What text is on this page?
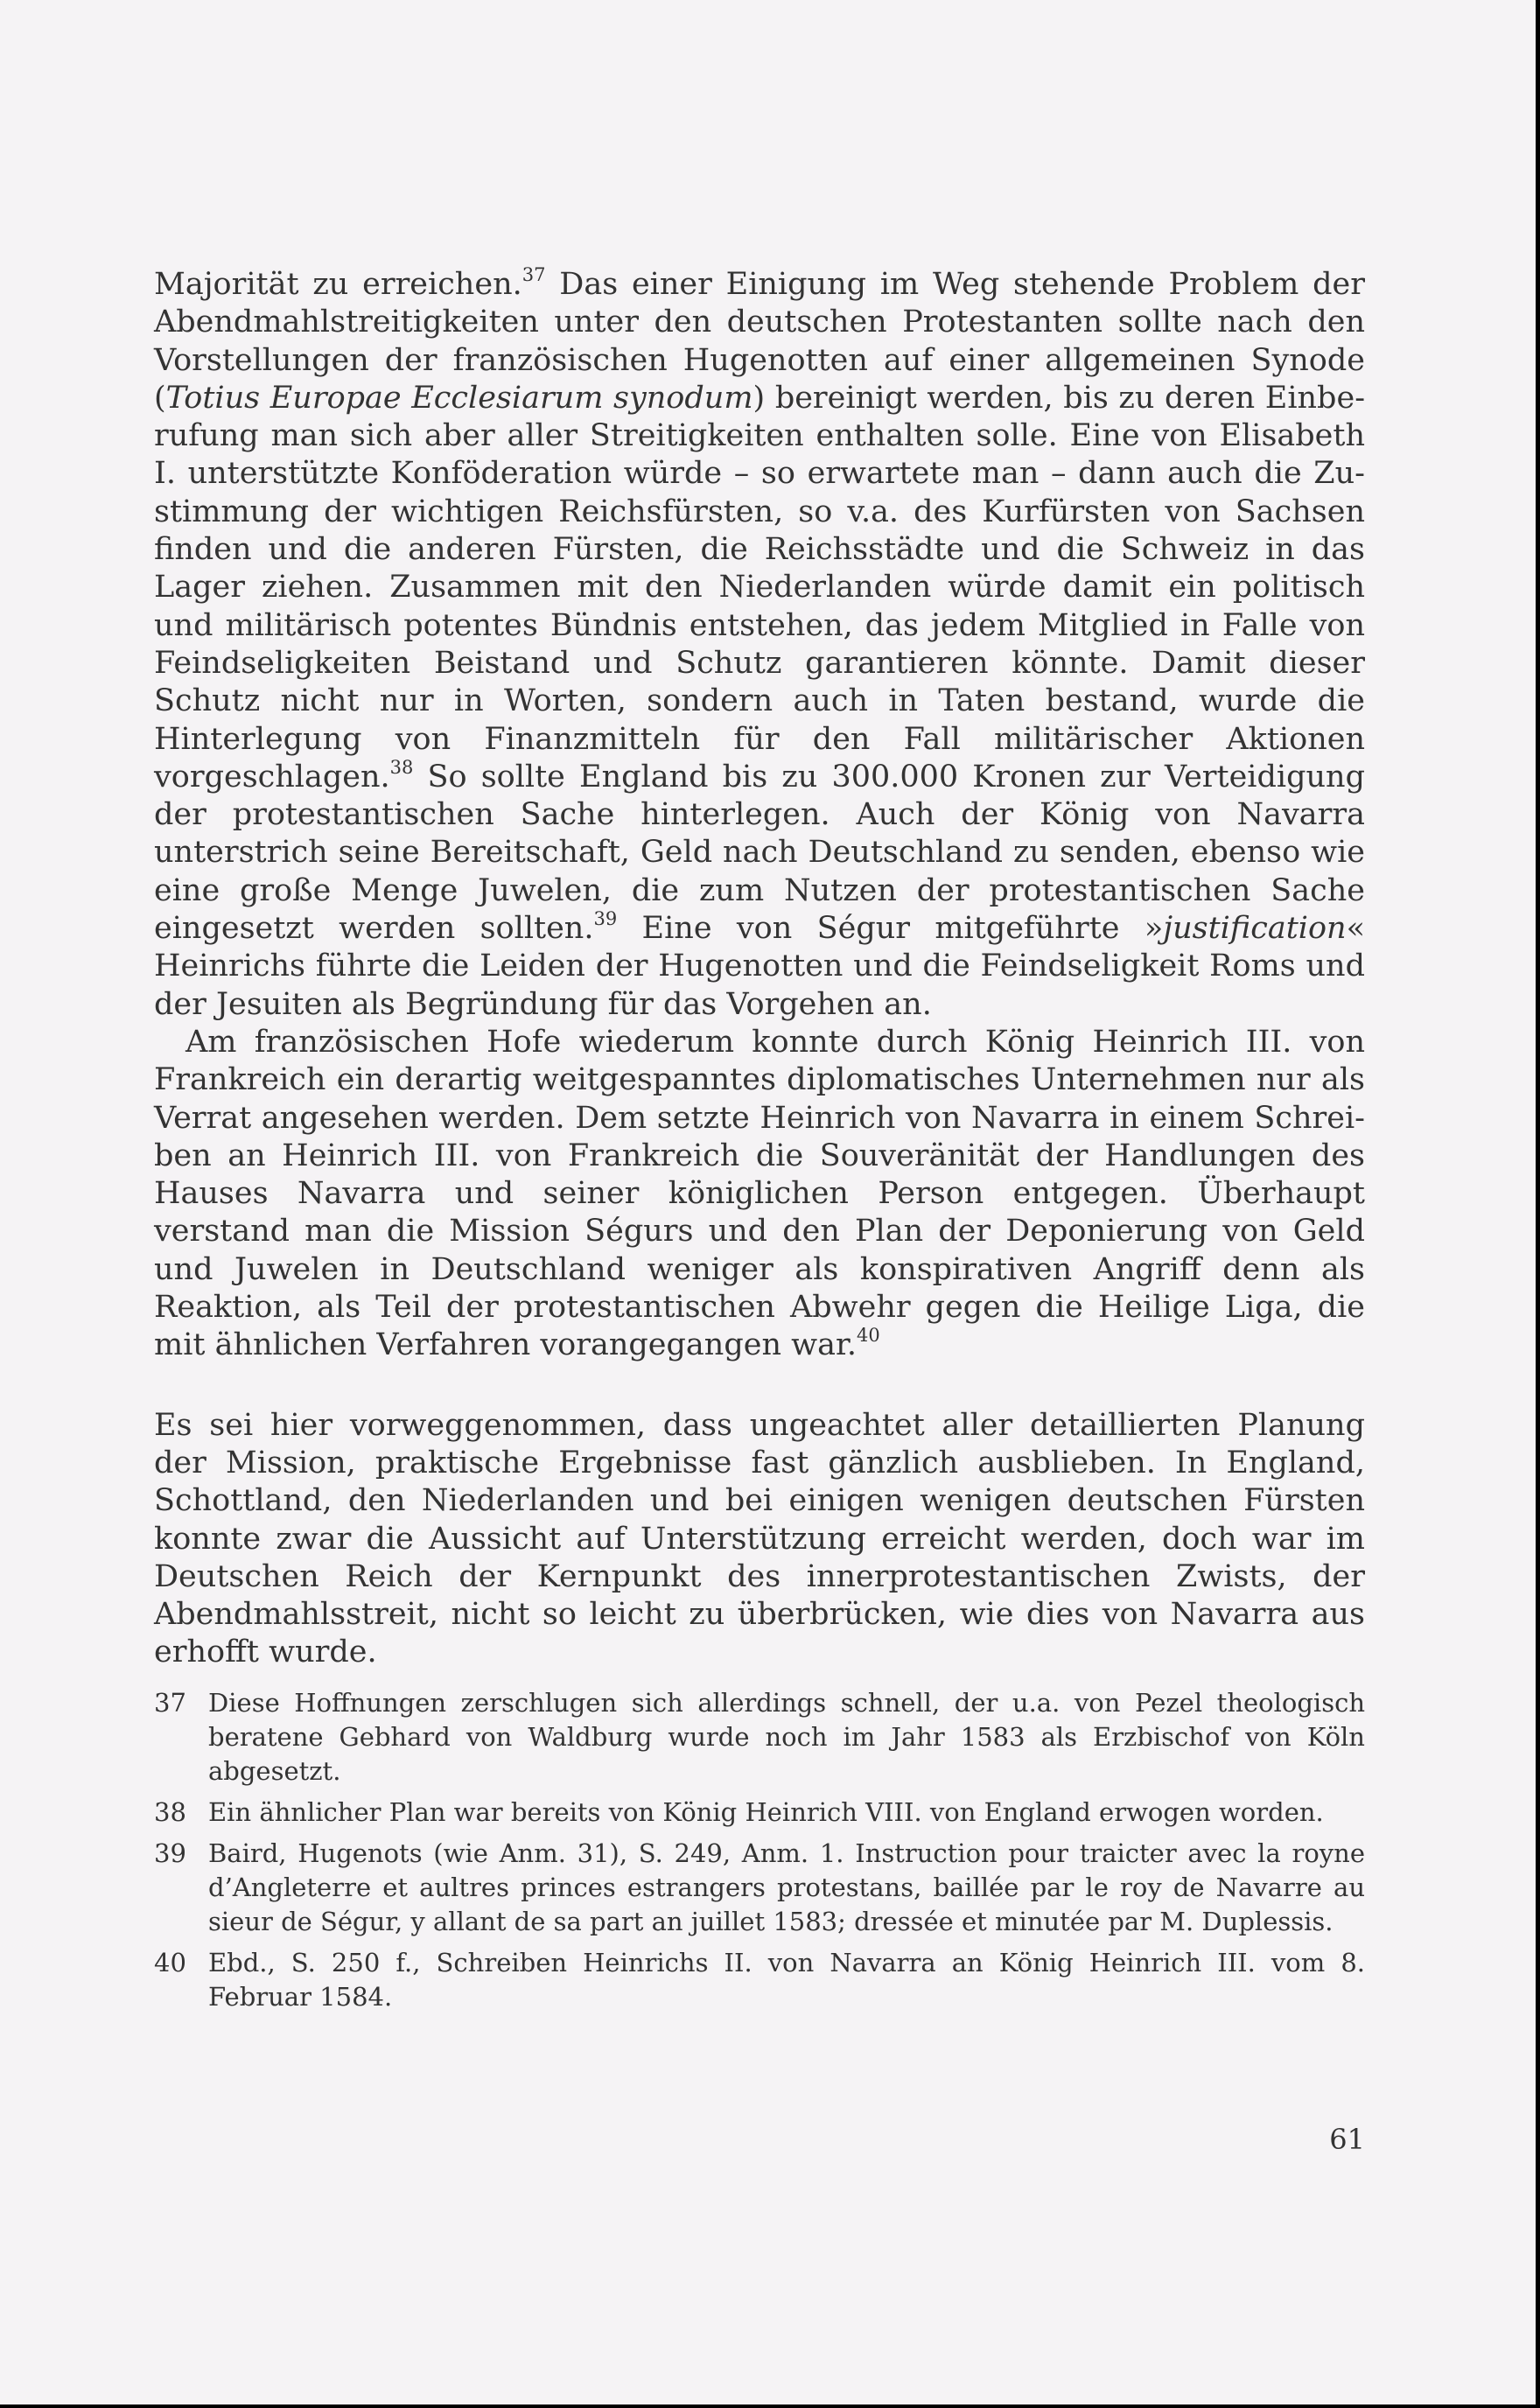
Majorität zu erreichen.$^{37}$ Das einer Einigung im Weg stehende Problem der Abendmahlstreitigkeiten unter den deutschen Protestanten sollte nach den Vorstellungen der französischen Hugenotten auf einer allgemeinen Synode (Totius Europae Ecclesiarum synodum) bereinigt werden, bis zu deren Einberufung man sich aber aller Streitigkeiten enthalten solle. Eine von Elisabeth I. unterstützte Konföderation würde – so erwartete man – dann auch die Zustimmung der wichtigen Reichsfürsten, so v.a. des Kurfürsten von Sachsen finden und die anderen Fürsten, die Reichsstädte und die Schweiz in das Lager ziehen. Zusammen mit den Niederlanden würde damit ein politisch und militärisch potentes Bündnis entstehen, das jedem Mitglied in Falle von Feindseligkeiten Beistand und Schutz garantieren könnte. Damit dieser Schutz nicht nur in Worten, sondern auch in Taten bestand, wurde die Hinterlegung von Finanzmitteln für den Fall militärischer Aktionen vorgeschlagen.$^{38}$ So sollte England bis zu 300.000 Kronen zur Verteidigung der protestantischen Sache hinterlegen. Auch der König von Navarra unterstrich seine Bereitschaft, Geld nach Deutschland zu senden, ebenso wie eine große Menge Juwelen, die zum Nutzen der protestantischen Sache eingesetzt werden sollten.$^{39}$ Eine von Ségur mitgeführte »justification« Heinrichs führte die Leiden der Hugenotten und die Feindseligkeit Roms und der Jesuiten als Begründung für das Vorgehen an.

Am französischen Hofe wiederum konnte durch König Heinrich III. von Frankreich ein derartig weitgespanntes diplomatisches Unternehmen nur als Verrat angesehen werden. Dem setzte Heinrich von Navarra in einem Schreiben an Heinrich III. von Frankreich die Souveränität der Handlungen des Hauses Navarra und seiner königlichen Person entgegen. Überhaupt verstand man die Mission Ségurs und den Plan der Deponierung von Geld und Juwelen in Deutschland weniger als konspirativen Angriff denn als Reaktion, als Teil der protestantischen Abwehr gegen die Heilige Liga, die mit ähnlichen Verfahren vorangegangen war.$^{40}$

Es sei hier vorweggenommen, dass ungeachtet aller detaillierten Planung der Mission, praktische Ergebnisse fast gänzlich ausblieben. In England, Schottland, den Niederlanden und bei einigen wenigen deutschen Fürsten konnte zwar die Aussicht auf Unterstützung erreicht werden, doch war im Deutschen Reich der Kernpunkt des innerprotestantischen Zwists, der Abendmahlsstreit, nicht so leicht zu überbrücken, wie dies von Navarra aus erhofft wurde.

37 Diese Hoffnungen zerschlugen sich allerdings schnell, der u.a. von Pezel theologisch beratene Gebhard von Waldburg wurde noch im Jahr 1583 als Erzbischof von Köln abgesetzt.
38 Ein ähnlicher Plan war bereits von König Heinrich VIII. von England erwogen worden.
39 Baird, Hugenots (wie Anm. 31), S. 249, Anm. 1. Instruction pour traicter avec la royne d’Angleterre et aultres princes estrangers protestans, baillée par le roy de Navarre au sieur de Ségur, y allant de sa part an juillet 1583; dressée et minutée par M. Duplessis.
40 Ebd., S. 250 f., Schreiben Heinrichs II. von Navarra an König Heinrich III. vom 8. Februar 1584.
61
